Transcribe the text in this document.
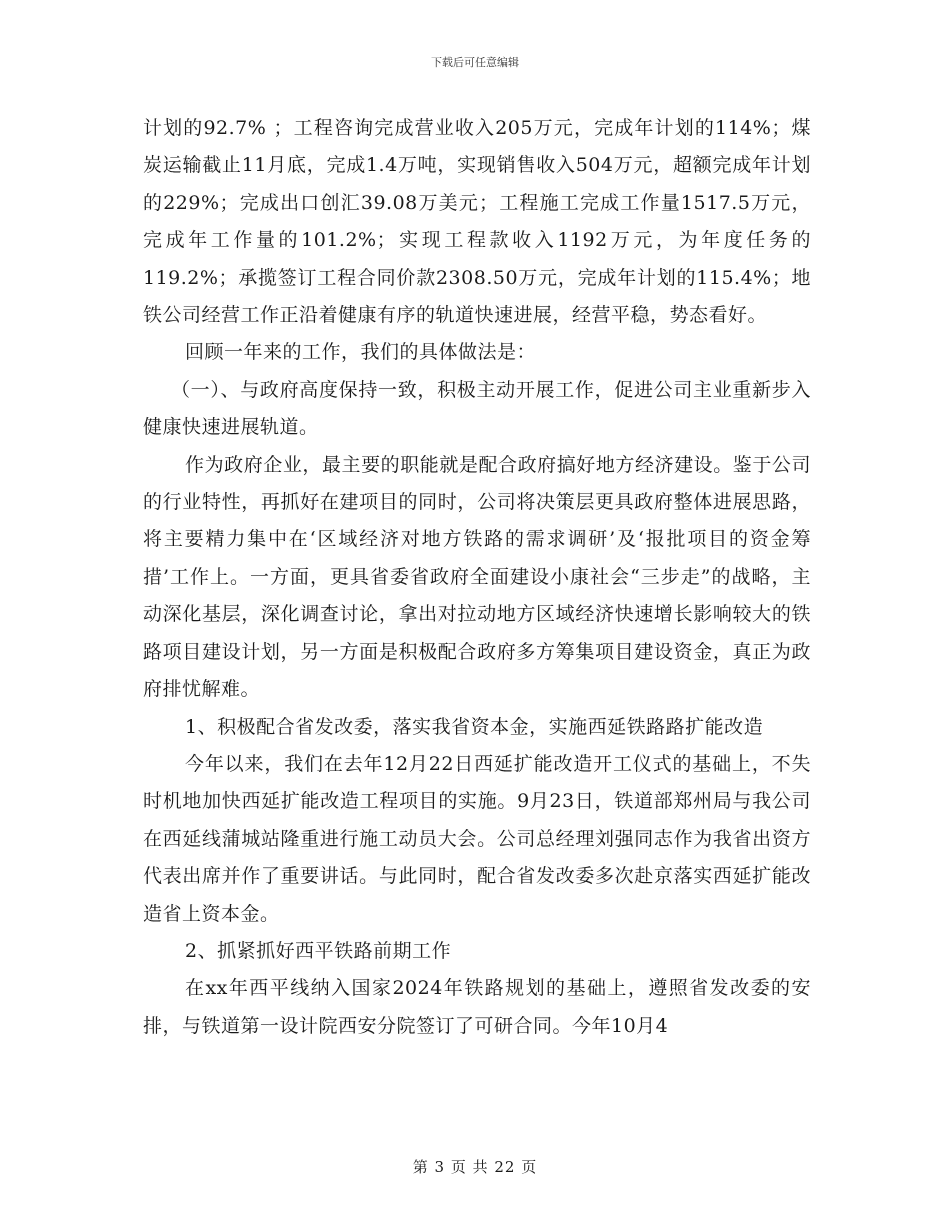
下载后可任意编辑

计划的92.7% ；工程咨询完成营业收入205万元，完成年计划的114%；煤炭运输截止11月底，完成1.4万吨，实现销售收入504万元，超额完成年计划的229%；完成出口创汇39.08万美元；工程施工完成工作量1517.5万元，完成年工作量的101.2%；实现工程款收入1192万元，为年度任务的119.2%；承揽签订工程合同价款2308.50万元，完成年计划的115.4%；地铁公司经营工作正沿着健康有序的轨道快速进展，经营平稳，势态看好。

回顾一年来的工作，我们的具体做法是：

（一）、与政府高度保持一致，积极主动开展工作，促进公司主业重新步入健康快速进展轨道。

作为政府企业，最主要的职能就是配合政府搞好地方经济建设。鉴于公司的行业特性，再抓好在建项目的同时，公司将决策层更具政府整体进展思路，将主要精力集中在‘区域经济对地方铁路的需求调研’及‘报批项目的资金筹措’工作上。一方面，更具省委省政府全面建设小康社会“三步走”的战略，主动深化基层，深化调查讨论，拿出对拉动地方区域经济快速增长影响较大的铁路项目建设计划，另一方面是积极配合政府多方筹集项目建设资金，真正为政府排忧解难。

1、积极配合省发改委，落实我省资本金，实施西延铁路路扩能改造

今年以来，我们在去年12月22日西延扩能改造开工仪式的基础上，不失时机地加快西延扩能改造工程项目的实施。9月23日，铁道部郑州局与我公司在西延线蒲城站隆重进行施工动员大会。公司总经理刘强同志作为我省出资方代表出席并作了重要讲话。与此同时，配合省发改委多次赴京落实西延扩能改造省上资本金。

2、抓紧抓好西平铁路前期工作

在xx年西平线纳入国家2024年铁路规划的基础上，遵照省发改委的安排，与铁道第一设计院西安分院签订了可研合同。今年10月4

第 3 页 共 22 页
